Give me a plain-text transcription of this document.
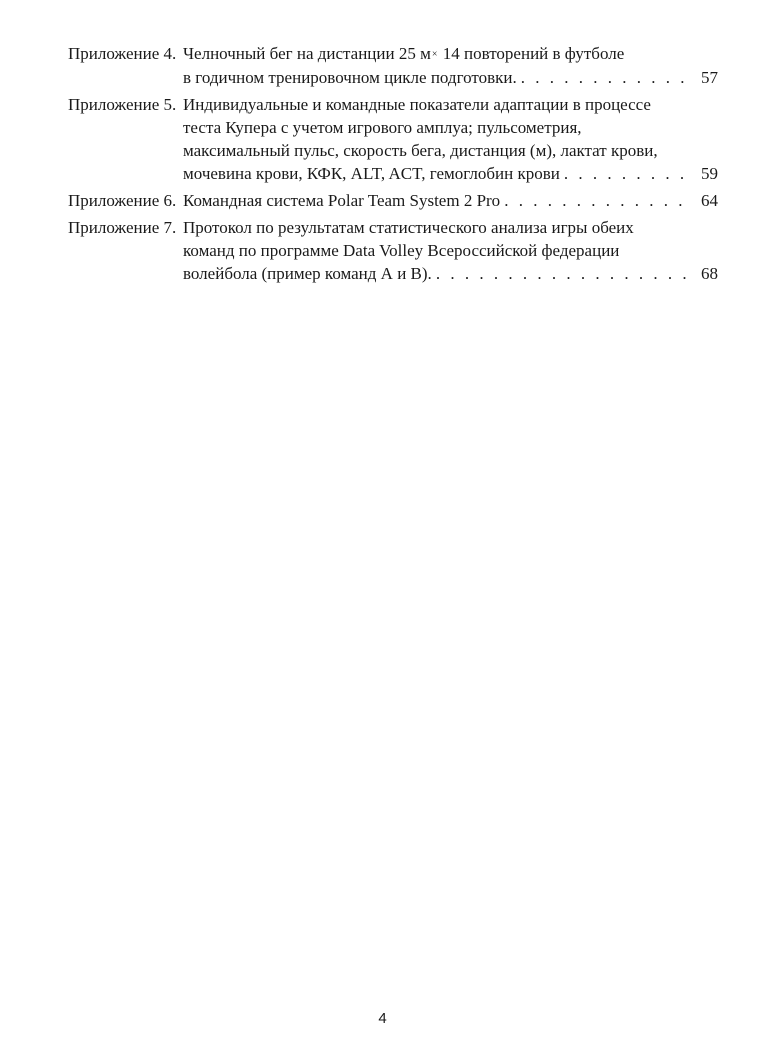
Приложение 4. Челночный бег на дистанции 25 м× 14 повторений в футболе
в годичном тренировочном цикле подготовки. . . .	57
Приложение 5. Индивидуальные и командные показатели адаптации в процессе
теста Купера с учетом игрового амплуа; пульсометрия,
максимальный пульс, скорость бега, дистанция (м), лактат крови,
мочевина крови, КФК, ALT, ACT, гемоглобин крови . . .	59
Приложение 6. Командная система Polar Team System 2 Pro . . .	64
Приложение 7. Протокол по результатам статистического анализа игры обеих
команд по программе Data Volley Всероссийской федерации
волейбола (пример команд А и В). . . .	68
4
